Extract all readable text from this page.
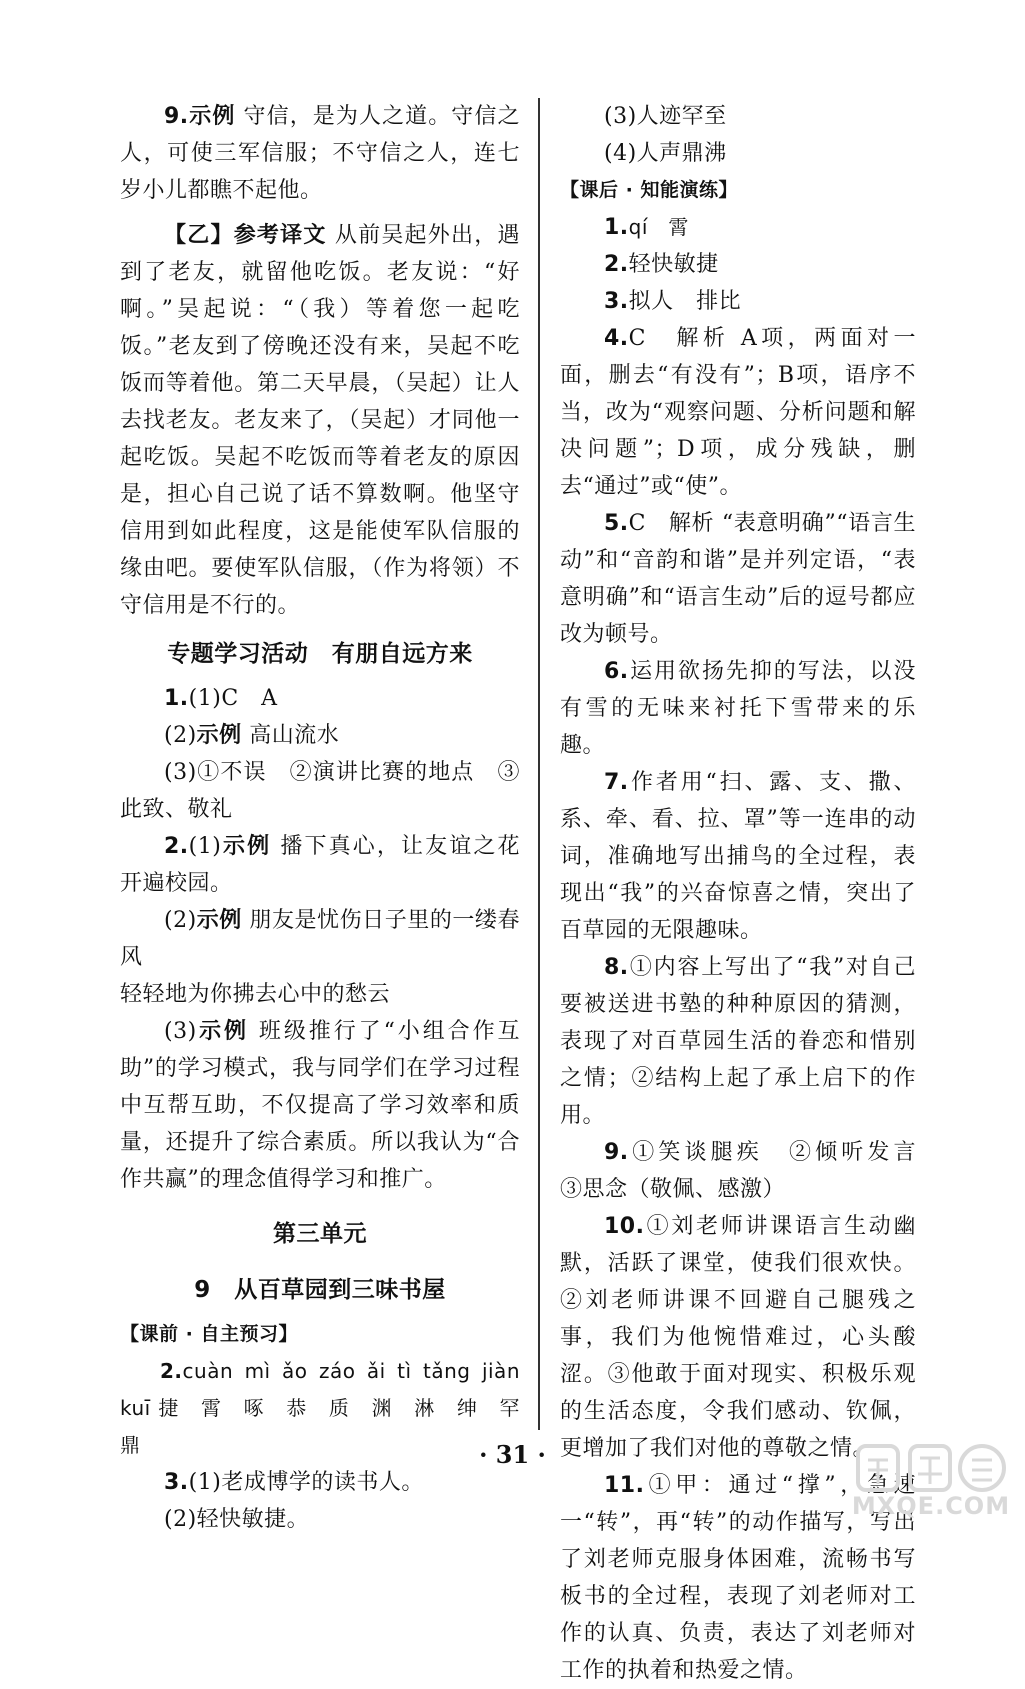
9.示例 守信，是为人之道。守信之人，可使三军信服；不守信之人，连七岁小儿都瞧不起他。

【乙】参考译文 从前吴起外出，遇到了老友，就留他吃饭。老友说：“好啊。”吴起说：“（我）等着您一起吃饭。”老友到了傍晚还没有来，吴起不吃饭而等着他。第二天早晨，（吴起）让人去找老友。老友来了，（吴起）才同他一起吃饭。吴起不吃饭而等着老友的原因是，担心自己说了话不算数啊。他坚守信用到如此程度，这是能使军队信服的缘由吧。要使军队信服，（作为将领）不守信用是不行的。

专题学习活动　有朋自远方来

1.(1)C　A

(2)示例 高山流水

(3)①不误　②演讲比赛的地点　③此致、敬礼

2.(1)示例 播下真心，让友谊之花开遍校园。

(2)示例 朋友是忧伤日子里的一缕春风

轻轻地为你拂去心中的愁云

(3)示例 班级推行了“小组合作互助”的学习模式，我与同学们在学习过程中互帮互助，不仅提高了学习效率和质量，还提升了综合素质。所以我认为“合作共赢”的理念值得学习和推广。

第三单元

9　从百草园到三味书屋

【课前 · 自主预习】

2.cuàn mì ǎo záo ǎi tì tǎng jiàn kuī 捷　霄　啄　恭　质　渊　淋　绅　罕　鼎

3.(1)老成博学的读书人。

(2)轻快敏捷。

(3)人迹罕至

(4)人声鼎沸

【课后 · 知能演练】

1.qí　霄

2.轻快敏捷

3.拟人　排比

4.C　解析 A项，两面对一面，删去“有没有”；B项，语序不当，改为“观察问题、分析问题和解决问题”；D项，成分残缺，删去“通过”或“使”。

5.C　解析 “表意明确”“语言生动”和“音韵和谐”是并列定语，“表意明确”和“语言生动”后的逗号都应改为顿号。

6.运用欲扬先抑的写法，以没有雪的无味来衬托下雪带来的乐趣。

7.作者用“扫、露、支、撒、系、牵、看、拉、罩”等一连串的动词，准确地写出捕鸟的全过程，表现出“我”的兴奋惊喜之情，突出了百草园的无限趣味。

8.①内容上写出了“我”对自己要被送进书塾的种种原因的猜测，表现了对百草园生活的眷恋和惜别之情；②结构上起了承上启下的作用。

9.①笑谈腿疾　②倾听发言　③思念（敬佩、感激）

10.①刘老师讲课语言生动幽默，活跃了课堂，使我们很欢快。②刘老师讲课不回避自己腿残之事，我们为他惋惜难过，心头酸涩。③他敢于面对现实、积极乐观的生活态度，令我们感动、钦佩，更增加了我们对他的尊敬之情。

11.①甲：通过“撑”，急速一“转”，再“转”的动作描写，写出了刘老师克服身体困难，流畅书写板书的全过程，表现了刘老师对工作的认真、负责，表达了刘老师对工作的执着和热爱之情。

· 31 ·
MXQE.COM
